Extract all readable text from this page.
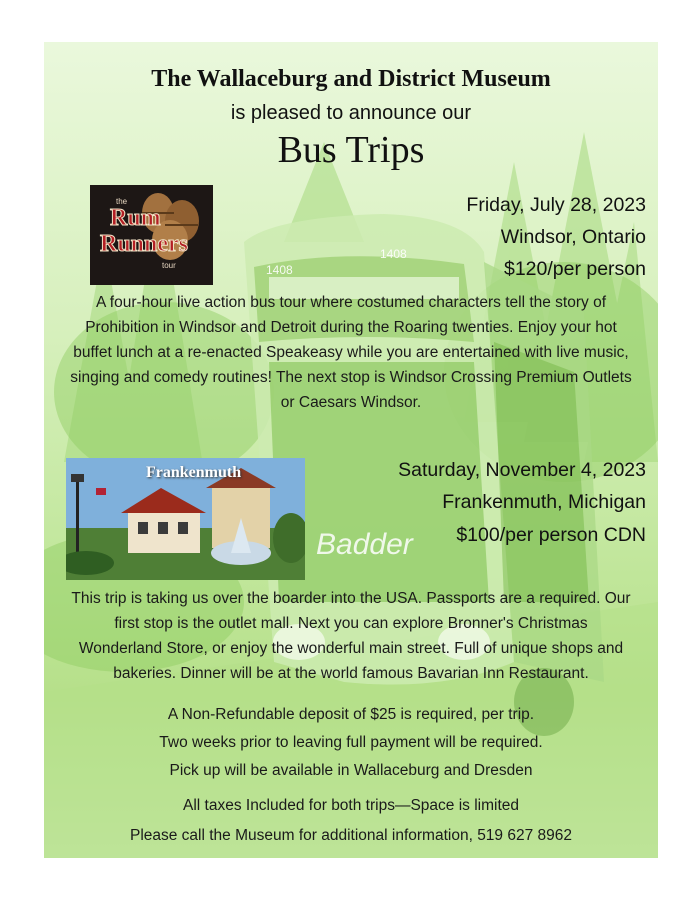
1408
1408
Badder
The Wallaceburg and District Museum
is pleased to announce our
Bus Trips
the
Rum
Runners
tour
Friday, July 28, 2023
Windsor, Ontario
$120/per person
A four-hour live action bus tour where costumed characters tell the story of
Prohibition in Windsor and Detroit during the Roaring twenties. Enjoy your hot
buffet lunch at a re-enacted Speakeasy while you are entertained with live music,
singing and comedy routines! The next stop is Windsor Crossing Premium Outlets
or Caesars Windsor.
Frankenmuth	Saturday, November 4, 2023
Frankenmuth, Michigan
$100/per person CDN
This trip is taking us over the boarder into the USA. Passports are a required. Our
first stop is the outlet mall. Next you can explore Bronner's Christmas
Wonderland Store, or enjoy the wonderful main street. Full of unique shops and
bakeries. Dinner will be at the world famous Bavarian Inn Restaurant.
A Non-Refundable deposit of $25 is required, per trip.
Two weeks prior to leaving full payment will be required.
Pick up will be available in Wallaceburg and Dresden
All taxes Included for both trips—Space is limited
Please call the Museum for additional information, 519 627 8962
